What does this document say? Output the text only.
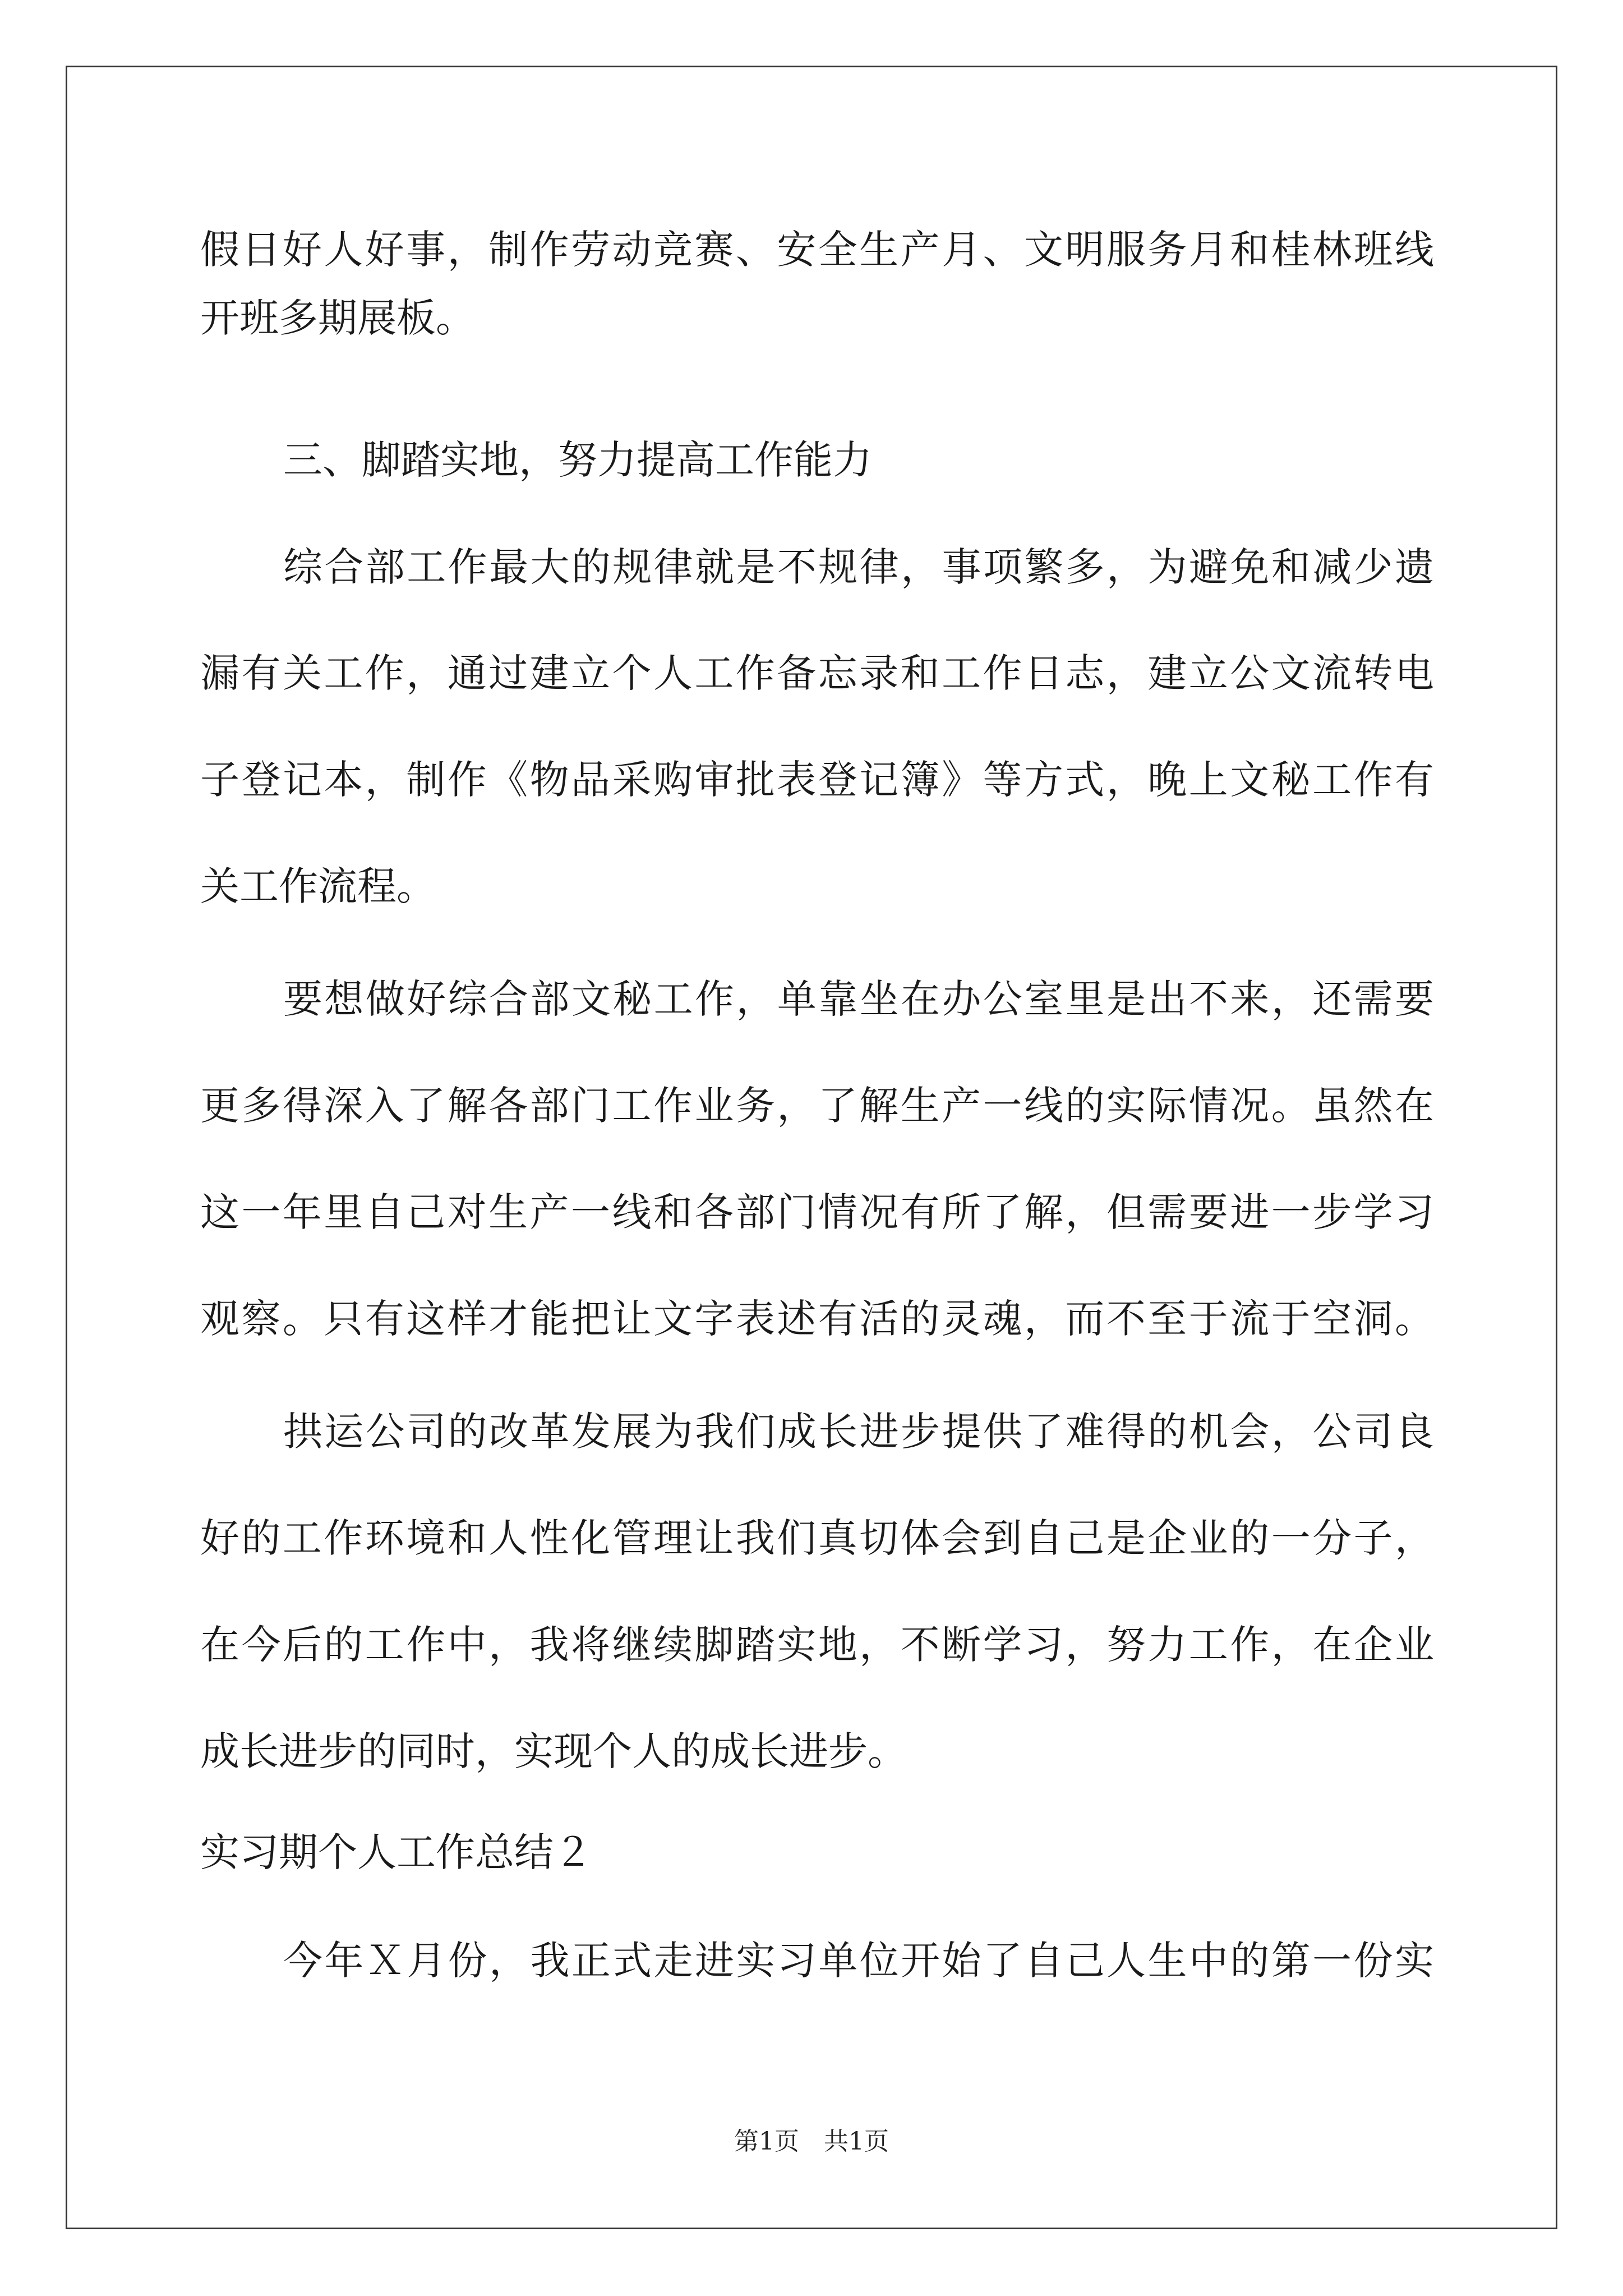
假日好人好事，制作劳动竞赛、安全生产月、文明服务月和桂林班线
开班多期展板。
三、脚踏实地，努力提高工作能力
综合部工作最大的规律就是不规律，事项繁多，为避免和减少遗
漏有关工作，通过建立个人工作备忘录和工作日志，建立公文流转电
子登记本，制作《物品采购审批表登记簿》等方式，晚上文秘工作有
关工作流程。
要想做好综合部文秘工作，单靠坐在办公室里是出不来，还需要
更多得深入了解各部门工作业务，了解生产一线的实际情况。虽然在
这一年里自己对生产一线和各部门情况有所了解，但需要进一步学习
观察。只有这样才能把让文字表述有活的灵魂，而不至于流于空洞。
拱运公司的改革发展为我们成长进步提供了难得的机会，公司良
好的工作环境和人性化管理让我们真切体会到自己是企业的一分子，
在今后的工作中，我将继续脚踏实地，不断学习，努力工作，在企业
成长进步的同时，实现个人的成长进步。
实习期个人工作总结２
今年Ｘ月份，我正式走进实习单位开始了自己人生中的第一份实
第1页　共1页
